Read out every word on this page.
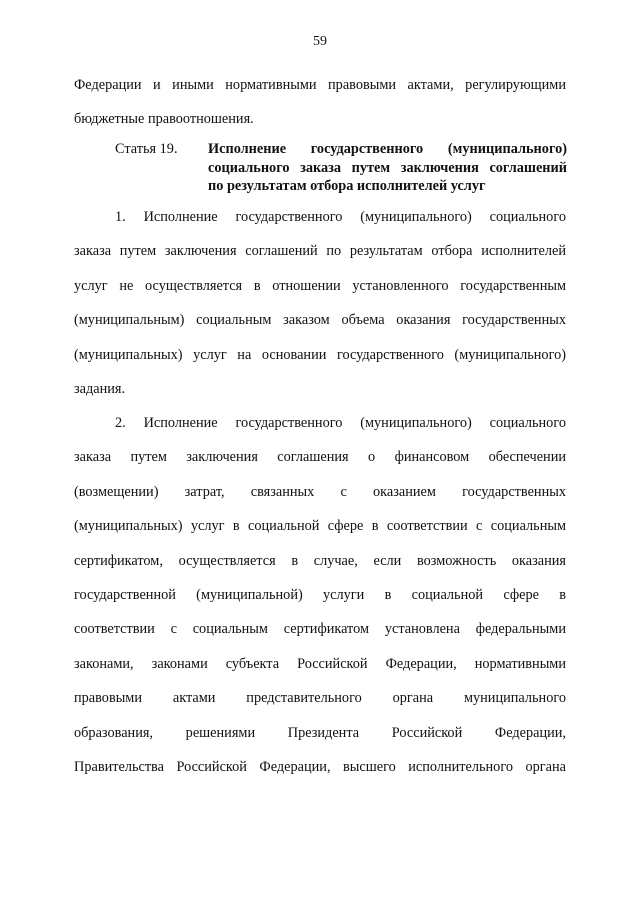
59
Федерации и иными нормативными правовыми актами, регулирующими
бюджетные правоотношения.
Статья 19. Исполнение государственного (муниципального)
социального заказа путем заключения соглашений
по результатам отбора исполнителей услуг
1. Исполнение государственного (муниципального) социального
заказа путем заключения соглашений по результатам отбора исполнителей
услуг не осуществляется в отношении установленного государственным
(муниципальным) социальным заказом объема оказания государственных
(муниципальных) услуг на основании государственного (муниципального)
задания.
2. Исполнение государственного (муниципального) социального
заказа путем заключения соглашения о финансовом обеспечении
(возмещении) затрат, связанных с оказанием государственных
(муниципальных) услуг в социальной сфере в соответствии с социальным
сертификатом, осуществляется в случае, если возможность оказания
государственной (муниципальной) услуги в социальной сфере в
соответствии с социальным сертификатом установлена федеральными
законами, законами субъекта Российской Федерации, нормативными
правовыми актами представительного органа муниципального
образования, решениями Президента Российской Федерации,
Правительства Российской Федерации, высшего исполнительного органа
